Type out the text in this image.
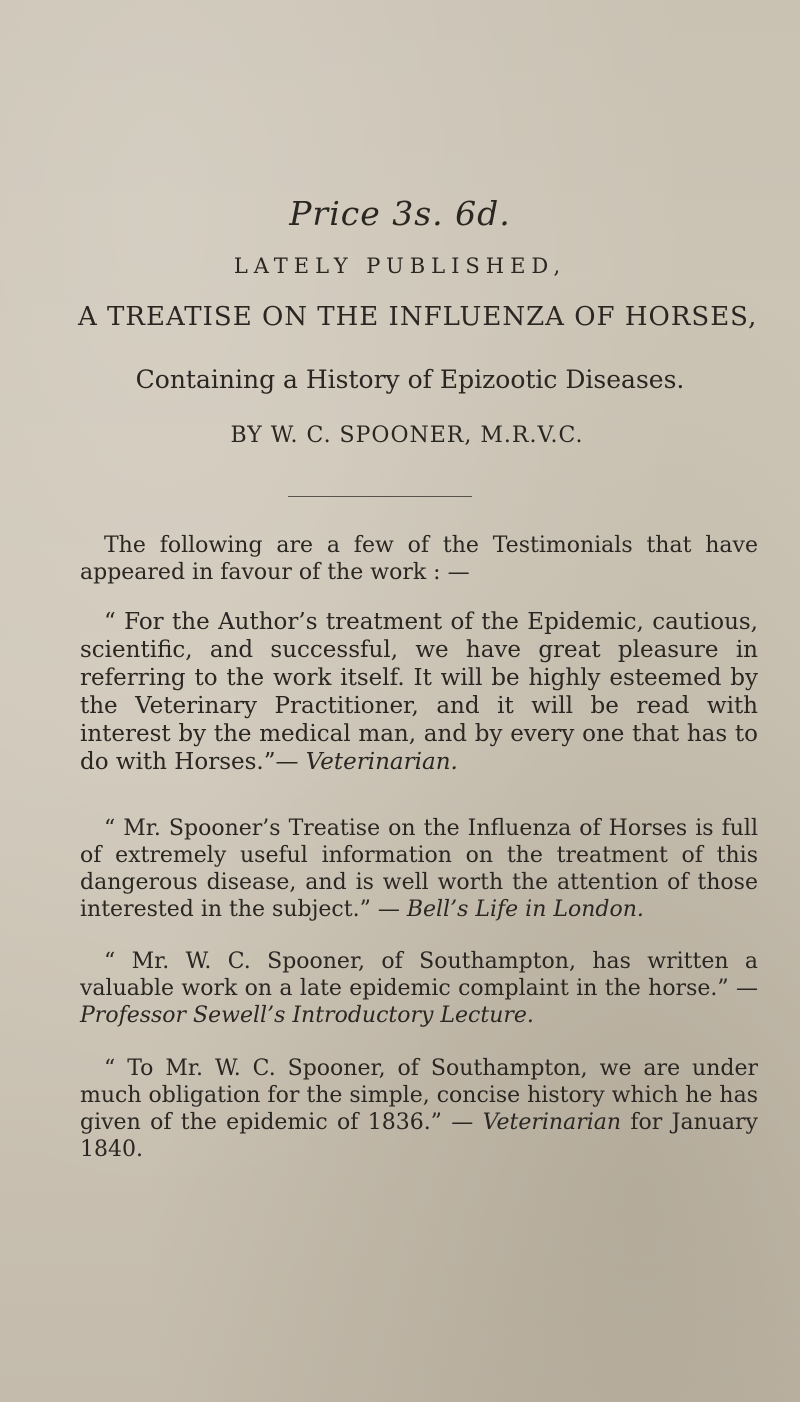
Price 3s. 6d.
LATELY PUBLISHED,
A TREATISE ON THE INFLUENZA OF HORSES,
Containing a History of Epizootic Diseases.
BY W. C. SPOONER, M.R.V.C.
The following are a few of the Testimonials that have appeared in favour of the work : —
“ For the Author’s treatment of the Epidemic, cautious, scientific, and successful, we have great pleasure in referring to the work itself. It will be highly esteemed by the Veterinary Practitioner, and it will be read with interest by the medical man, and by every one that has to do with Horses.”— Veterinarian.
“ Mr. Spooner’s Treatise on the Influenza of Horses is full of extremely useful information on the treatment of this dangerous disease, and is well worth the attention of those interested in the subject.” — Bell’s Life in London.
“ Mr. W. C. Spooner, of Southampton, has written a valuable work on a late epidemic complaint in the horse.” — Professor Sewell’s Introductory Lecture.
“ To Mr. W. C. Spooner, of Southampton, we are under much obligation for the simple, concise history which he has given of the epidemic of 1836.” — Veterinarian for January 1840.
